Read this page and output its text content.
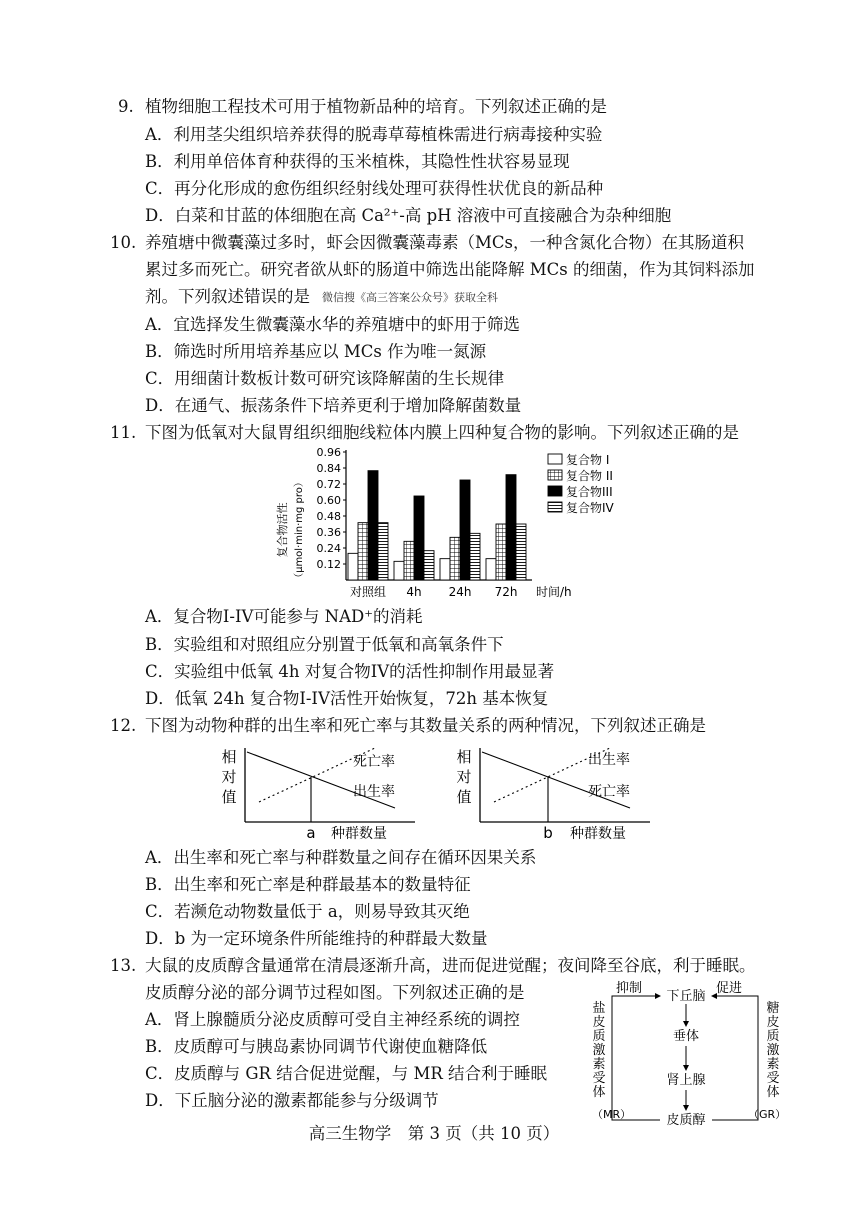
9. 植物细胞工程技术可用于植物新品种的培育。下列叙述正确的是
A．利用茎尖组织培养获得的脱毒草莓植株需进行病毒接种实验
B．利用单倍体育种获得的玉米植株，其隐性性状容易显现
C．再分化形成的愈伤组织经射线处理可获得性状优良的新品种
D．白菜和甘蓝的体细胞在高 Ca²⁺-高 pH 溶液中可直接融合为杂种细胞
10. 养殖塘中微囊藻过多时，虾会因微囊藻毒素（MCs，一种含氮化合物）在其肠道积
累过多而死亡。研究者欲从虾的肠道中筛选出能降解 MCs 的细菌，作为其饲料添加
剂。下列叙述错误的是 微信搜《高三答案公众号》获取全科
A．宜选择发生微囊藻水华的养殖塘中的虾用于筛选
B．筛选时所用培养基应以 MCs 作为唯一氮源
C．用细菌计数板计数可研究该降解菌的生长规律
D．在通气、振荡条件下培养更利于增加降解菌数量
11. 下图为低氧对大鼠胃组织细胞线粒体内膜上四种复合物的影响。下列叙述正确的是
复合物活性 （μmol·min·mg pro） 0.12
0.24
0.36
0.48
0.60
0.72
0.84
0.96
对照组 4h 24h 72h 时间/h
复合物 I
复合物 II
复合物III
复合物IV
A．复合物I-IV可能参与 NAD⁺的消耗
B．实验组和对照组应分别置于低氧和高氧条件下
C．实验组中低氧 4h 对复合物IV的活性抑制作用最显著
D．低氧 24h 复合物I-IV活性开始恢复，72h 基本恢复
12. 下图为动物种群的出生率和死亡率与其数量关系的两种情况，下列叙述正确是
相
对
值
死亡率
出生率
a 种群数量
相
对
值
出生率
死亡率
b 种群数量
A．出生率和死亡率与种群数量之间存在循环因果关系
B．出生率和死亡率是种群最基本的数量特征
C．若濒危动物数量低于 a，则易导致其灭绝
D．b 为一定环境条件所能维持的种群最大数量
13. 大鼠的皮质醇含量通常在清晨逐渐升高，进而促进觉醒；夜间降至谷底，利于睡眠。
皮质醇分泌的部分调节过程如图。下列叙述正确的是
A．肾上腺髓质分泌皮质醇可受自主神经系统的调控
B．皮质醇可与胰岛素协同调节代谢使血糖降低
C．皮质醇与 GR 结合促进觉醒，与 MR 结合利于睡眠
D．下丘脑分泌的激素都能参与分级调节
抑制	促进
下丘脑
垂体
肾上腺
皮质醇
盐
皮
质
激
素
受
体
糖
皮
质
激
素
受
体
（MR）	（GR）
高三生物学　第 3 页（共 10 页）
